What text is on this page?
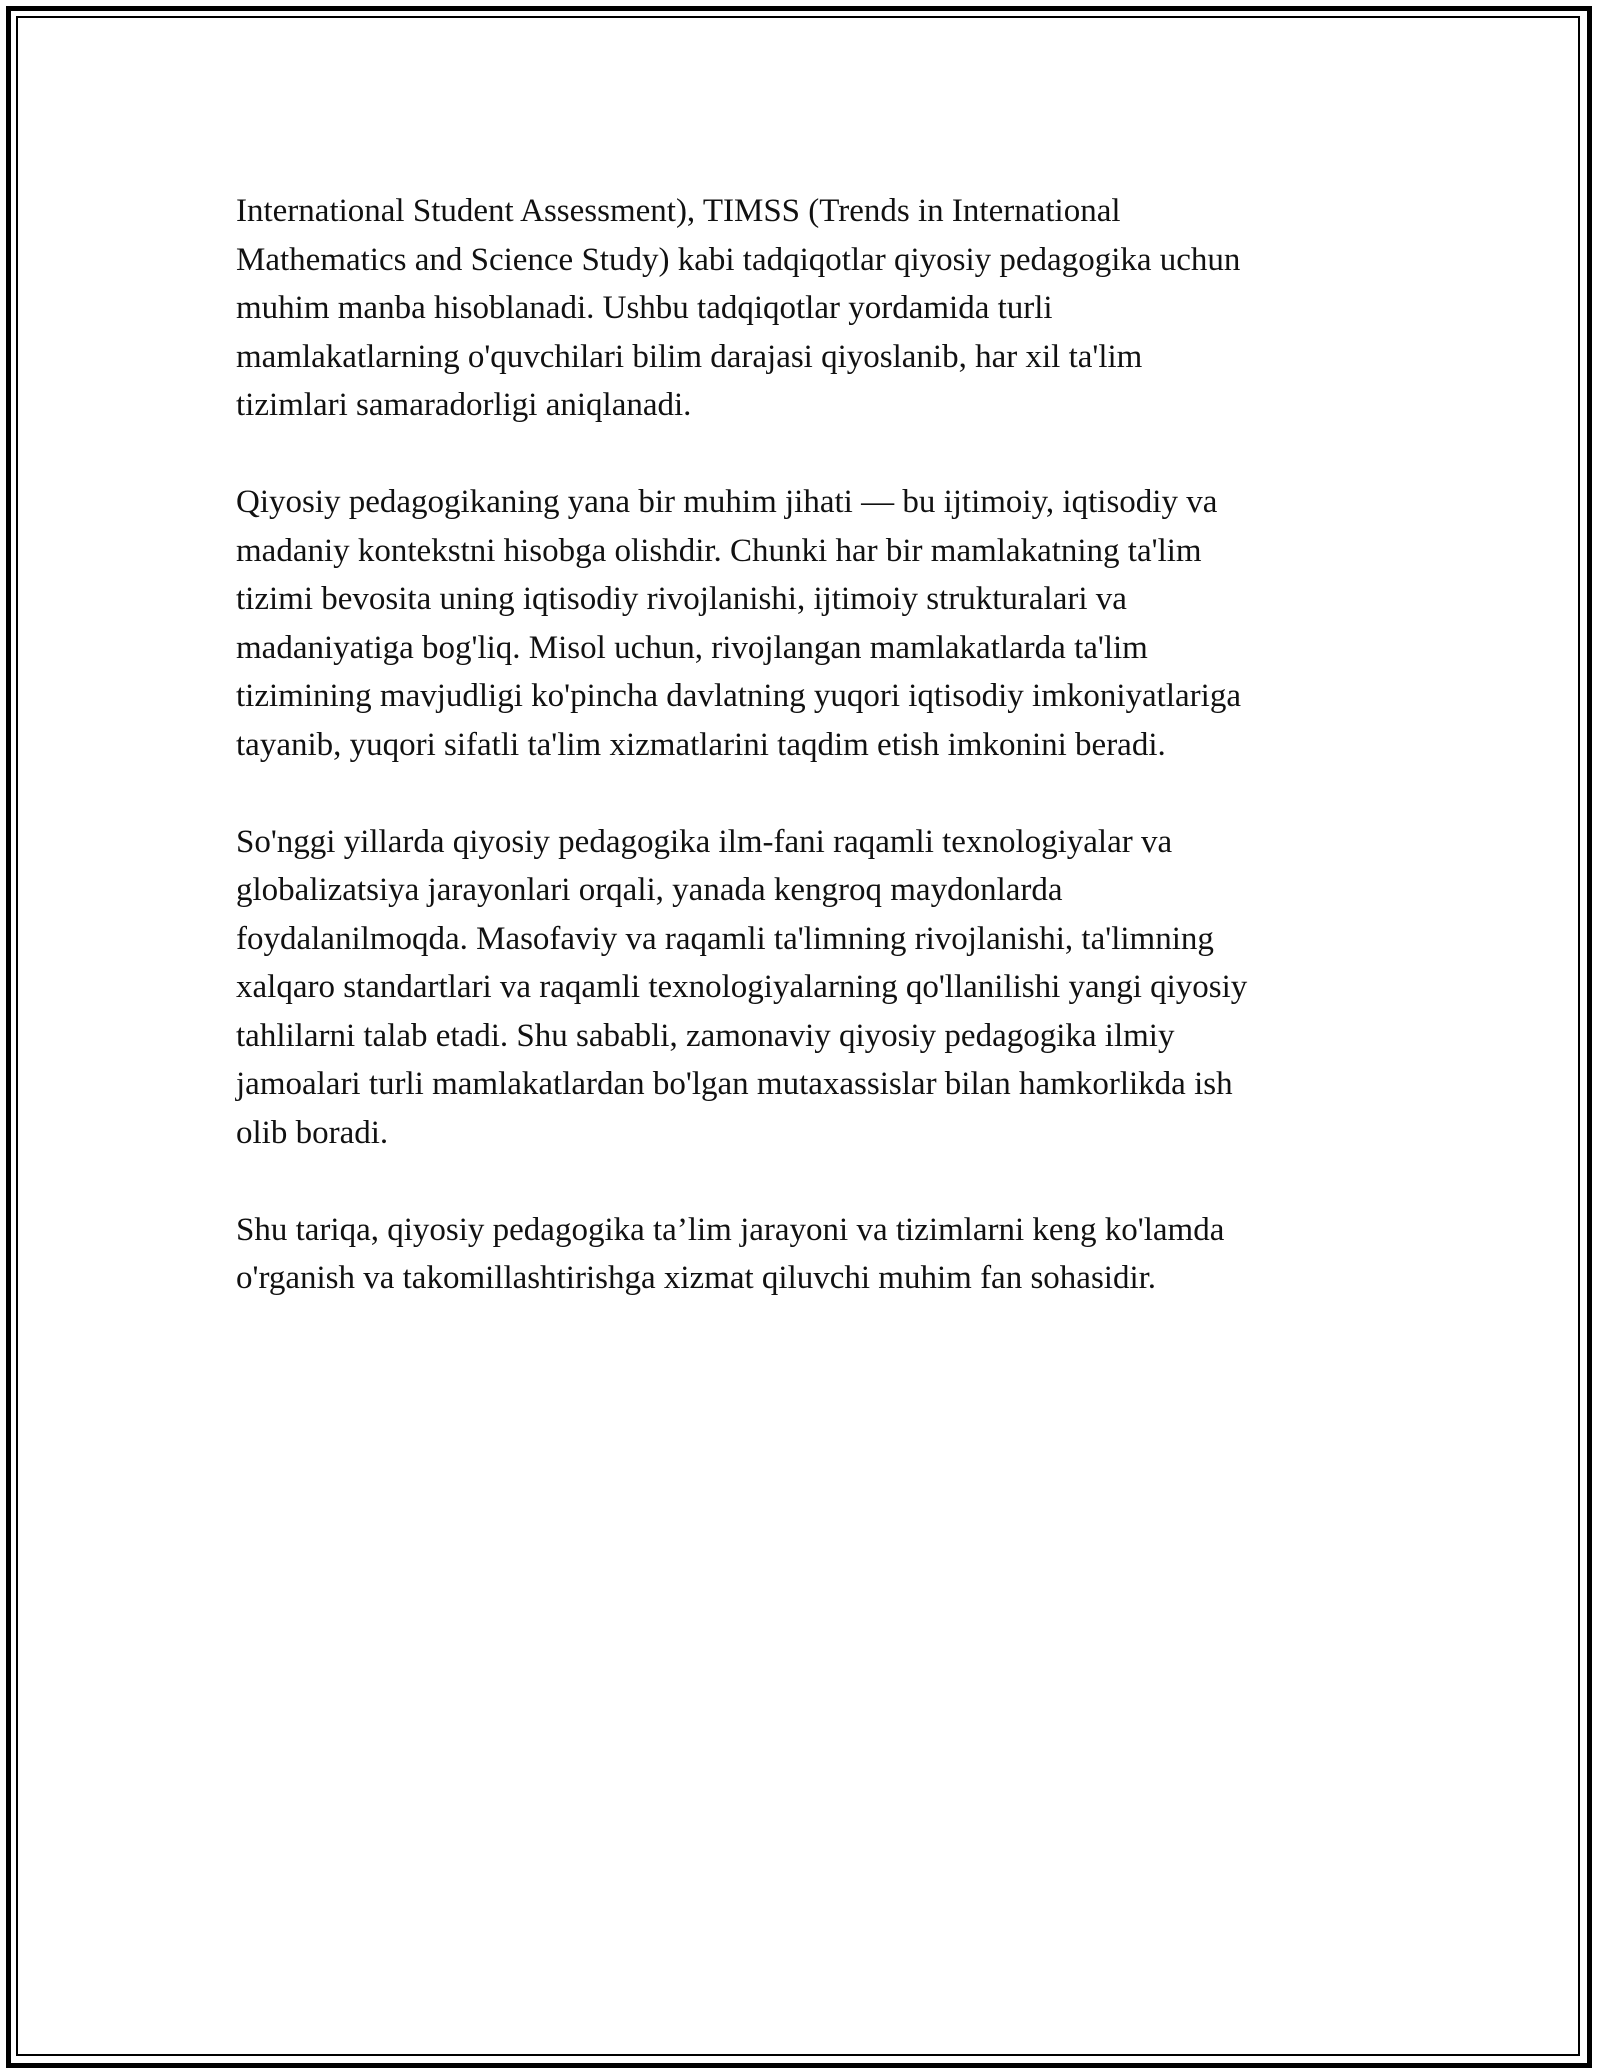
International Student Assessment), TIMSS (Trends in International
Mathematics and Science Study) kabi tadqiqotlar qiyosiy pedagogika uchun
muhim manba hisoblanadi. Ushbu tadqiqotlar yordamida turli
mamlakatlarning o'quvchilari bilim darajasi qiyoslanib, har xil ta'lim
tizimlari samaradorligi aniqlanadi.

Qiyosiy pedagogikaning yana bir muhim jihati — bu ijtimoiy, iqtisodiy va
madaniy kontekstni hisobga olishdir. Chunki har bir mamlakatning ta'lim
tizimi bevosita uning iqtisodiy rivojlanishi, ijtimoiy strukturalari va
madaniyatiga bog'liq. Misol uchun, rivojlangan mamlakatlarda ta'lim
tizimining mavjudligi ko'pincha davlatning yuqori iqtisodiy imkoniyatlariga
tayanib, yuqori sifatli ta'lim xizmatlarini taqdim etish imkonini beradi.

So'nggi yillarda qiyosiy pedagogika ilm-fani raqamli texnologiyalar va
globalizatsiya jarayonlari orqali, yanada kengroq maydonlarda
foydalanilmoqda. Masofaviy va raqamli ta'limning rivojlanishi, ta'limning
xalqaro standartlari va raqamli texnologiyalarning qo'llanilishi yangi qiyosiy
tahlilarni talab etadi. Shu sababli, zamonaviy qiyosiy pedagogika ilmiy
jamoalari turli mamlakatlardan bo'lgan mutaxassislar bilan hamkorlikda ish
olib boradi.

Shu tariqa, qiyosiy pedagogika ta’lim jarayoni va tizimlarni keng ko'lamda
o'rganish va takomillashtirishga xizmat qiluvchi muhim fan sohasidir.
